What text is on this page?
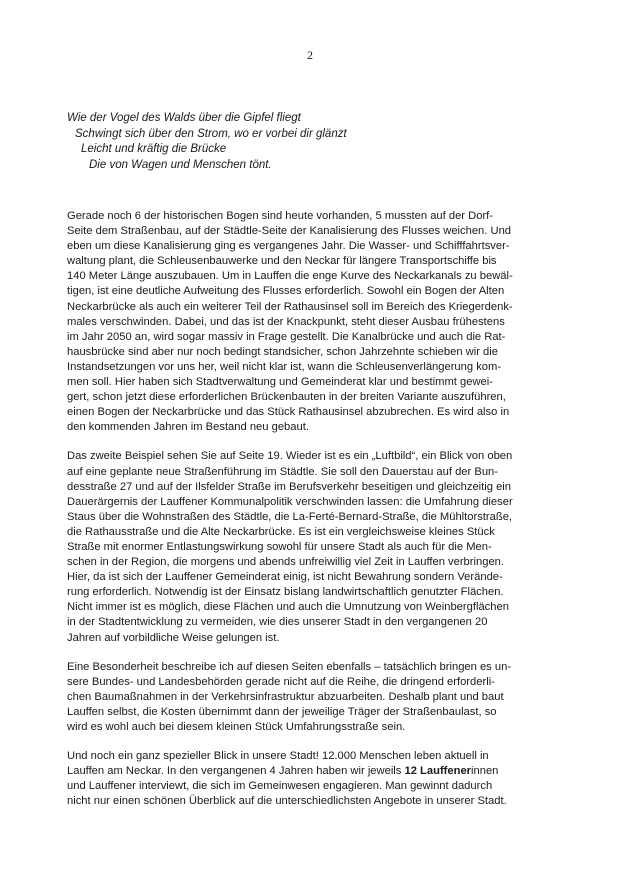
2
Wie der Vogel des Walds über die Gipfel fliegt
Schwingt sich über den Strom, wo er vorbei dir glänzt
Leicht und kräftig die Brücke
Die von Wagen und Menschen tönt.

Gerade noch 6 der historischen Bogen sind heute vorhanden, 5 mussten auf der Dorf-
Seite dem Straßenbau, auf der Städtle-Seite der Kanalisierung des Flusses weichen. Und
eben um diese Kanalisierung ging es vergangenes Jahr. Die Wasser- und Schifffahrtsver-
waltung plant, die Schleusenbauwerke und den Neckar für längere Transportschiffe bis
140 Meter Länge auszubauen. Um in Lauffen die enge Kurve des Neckarkanals zu bewäl-
tigen, ist eine deutliche Aufweitung des Flusses erforderlich. Sowohl ein Bogen der Alten
Neckarbrücke als auch ein weiterer Teil der Rathausinsel soll im Bereich des Kriegerdenk-
males verschwinden. Dabei, und das ist der Knackpunkt, steht dieser Ausbau frühestens
im Jahr 2050 an, wird sogar massiv in Frage gestellt. Die Kanalbrücke und auch die Rat-
hausbrücke sind aber nur noch bedingt standsicher, schon Jahrzehnte schieben wir die
Instandsetzungen vor uns her, weil nicht klar ist, wann die Schleusenverlängerung kom-
men soll. Hier haben sich Stadtverwaltung und Gemeinderat klar und bestimmt gewei-
gert, schon jetzt diese erforderlichen Brückenbauten in der breiten Variante auszuführen,
einen Bogen der Neckarbrücke und das Stück Rathausinsel abzubrechen. Es wird also in
den kommenden Jahren im Bestand neu gebaut.

Das zweite Beispiel sehen Sie auf Seite 19. Wieder ist es ein „Luftbild“, ein Blick von oben
auf eine geplante neue Straßenführung im Städtle. Sie soll den Dauerstau auf der Bun-
desstraße 27 und auf der Ilsfelder Straße im Berufsverkehr beseitigen und gleichzeitig ein
Dauerärgernis der Lauffener Kommunalpolitik verschwinden lassen: die Umfahrung dieser
Staus über die Wohnstraßen des Städtle, die La-Ferté-Bernard-Straße, die Mühltorstraße,
die Rathausstraße und die Alte Neckarbrücke. Es ist ein vergleichsweise kleines Stück
Straße mit enormer Entlastungswirkung sowohl für unsere Stadt als auch für die Men-
schen in der Region, die morgens und abends unfreiwillig viel Zeit in Lauffen verbringen.
Hier, da ist sich der Lauffener Gemeinderat einig, ist nicht Bewahrung sondern Verände-
rung erforderlich. Notwendig ist der Einsatz bislang landwirtschaftlich genutzter Flächen.
Nicht immer ist es möglich, diese Flächen und auch die Umnutzung von Weinbergflächen
in der Stadtentwicklung zu vermeiden, wie dies unserer Stadt in den vergangenen 20
Jahren auf vorbildliche Weise gelungen ist.

Eine Besonderheit beschreibe ich auf diesen Seiten ebenfalls – tatsächlich bringen es un-
sere Bundes- und Landesbehörden gerade nicht auf die Reihe, die dringend erforderli-
chen Baumaßnahmen in der Verkehrsinfrastruktur abzuarbeiten. Deshalb plant und baut
Lauffen selbst, die Kosten übernimmt dann der jeweilige Träger der Straßenbaulast, so
wird es wohl auch bei diesem kleinen Stück Umfahrungsstraße sein.

Und noch ein ganz spezieller Blick in unsere Stadt! 12.000 Menschen leben aktuell in
Lauffen am Neckar. In den vergangenen 4 Jahren haben wir jeweils 12 Lauffenerinnen
und Lauffener interviewt, die sich im Gemeinwesen engagieren. Man gewinnt dadurch
nicht nur einen schönen Überblick auf die unterschiedlichsten Angebote in unserer Stadt.
